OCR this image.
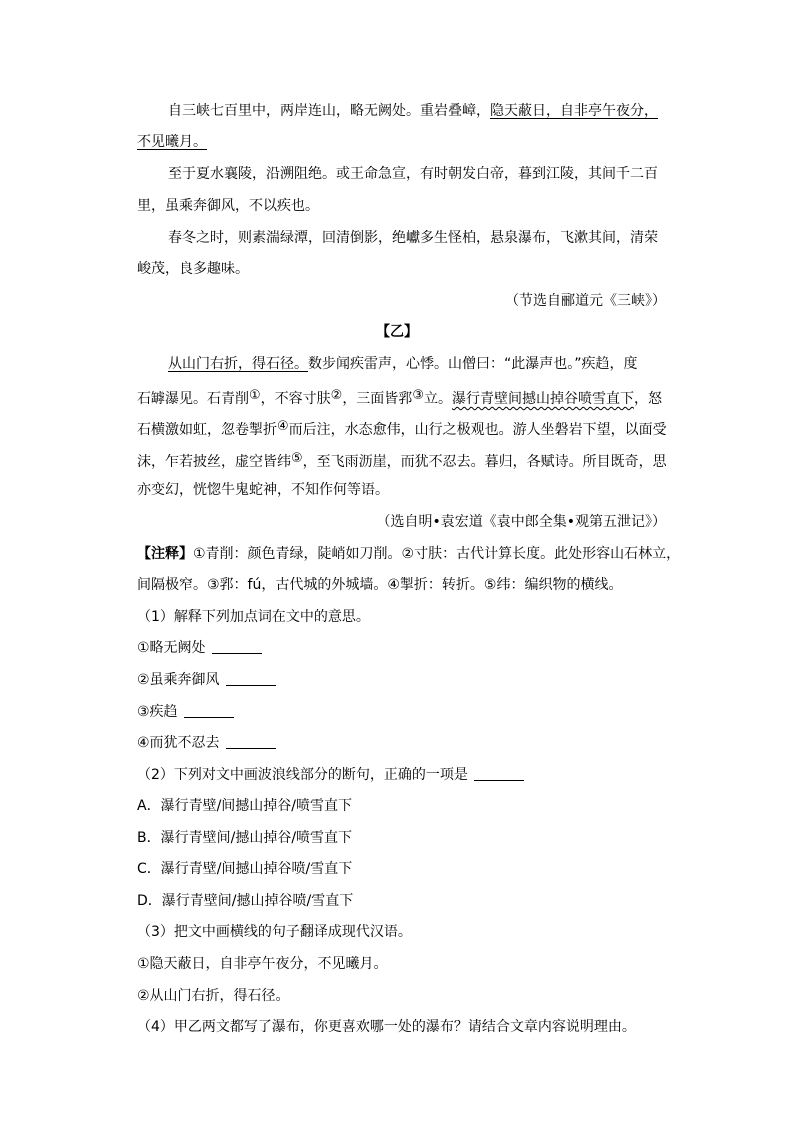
自三峡七百里中，两岸连山，略无阙处。重岩叠嶂，隐天蔽日，自非亭午夜分，
不见曦月。
至于夏水襄陵，沿溯阻绝。或王命急宣，有时朝发白帝，暮到江陵，其间千二百
里，虽乘奔御风，不以疾也。
春冬之时，则素湍绿潭，回清倒影，绝巘多生怪柏，悬泉瀑布，飞漱其间，清荣
峻茂，良多趣味。
（节选自郦道元《三峡》）
【乙】
从山门右折，得石径。数步闻疾雷声，心悸。山僧曰：“此瀑声也。”疾趋，度
石罅瀑见。石青削①，不容寸肤②，三面皆郛③立。瀑行青壁间撼山掉谷喷雪直下，怒
石横激如虹，忽卷掣折④而后注，水态愈伟，山行之极观也。游人坐磐岩下望，以面受
沫，乍若披丝，虚空皆纬⑤，至飞雨沥崖，而犹不忍去。暮归，各赋诗。所目既奇，思
亦变幻，恍惚牛鬼蛇神，不知作何等语。
（选自明•袁宏道《袁中郎全集•观第五泄记》）
【注释】①青削：颜色青绿，陡峭如刀削。②寸肤：古代计算长度。此处形容山石林立，
间隔极窄。③郛：fú，古代城的外城墙。④掣折：转折。⑤纬：编织物的横线。
（1）解释下列加点词在文中的意思。
①略无阙处
②虽乘奔御风
③疾趋
④而犹不忍去
（2）下列对文中画波浪线部分的断句，正确的一项是
A．瀑行青壁/间撼山掉谷/喷雪直下
B．瀑行青壁间/撼山掉谷/喷雪直下
C．瀑行青壁/间撼山掉谷喷/雪直下
D．瀑行青壁间/撼山掉谷喷/雪直下
（3）把文中画横线的句子翻译成现代汉语。
①隐天蔽日，自非亭午夜分，不见曦月。
②从山门右折，得石径。
（4）甲乙两文都写了瀑布，你更喜欢哪一处的瀑布？请结合文章内容说明理由。
